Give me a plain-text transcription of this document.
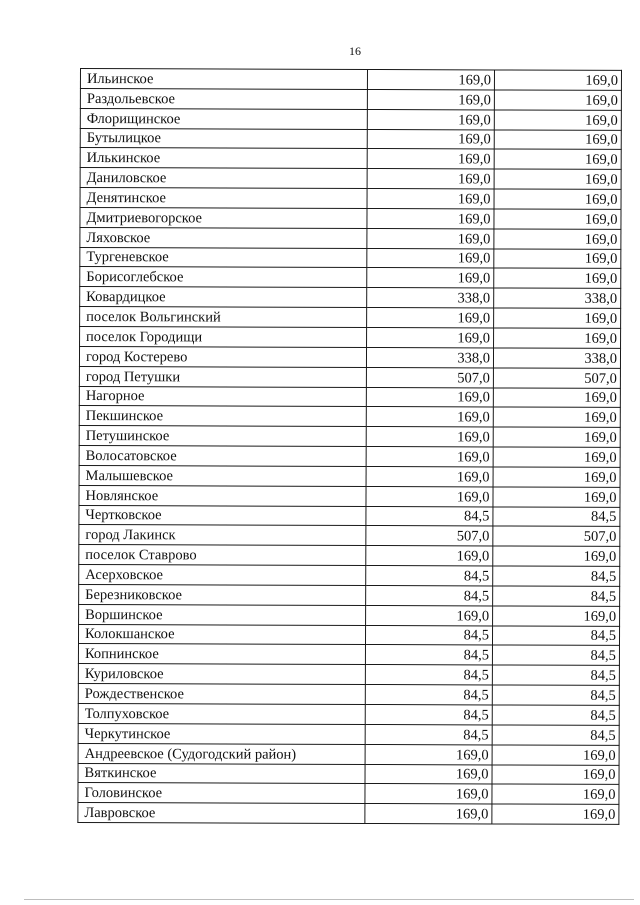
16
Ильинское	169,0	169,0
Раздольевское	169,0	169,0
Флорищинское	169,0	169,0
Бутылицкое	169,0	169,0
Илькинское	169,0	169,0
Даниловское	169,0	169,0
Денятинское	169,0	169,0
Дмитриевогорское	169,0	169,0
Ляховское	169,0	169,0
Тургеневское	169,0	169,0
Борисоглебское	169,0	169,0
Ковардицкое	338,0	338,0
поселок Вольгинский	169,0	169,0
поселок Городищи	169,0	169,0
город Костерево	338,0	338,0
город Петушки	507,0	507,0
Нагорное	169,0	169,0
Пекшинское	169,0	169,0
Петушинское	169,0	169,0
Волосатовское	169,0	169,0
Малышевское	169,0	169,0
Новлянское	169,0	169,0
Чертковское	84,5	84,5
город Лакинск	507,0	507,0
поселок Ставрово	169,0	169,0
Асерховское	84,5	84,5
Березниковское	84,5	84,5
Воршинское	169,0	169,0
Колокшанское	84,5	84,5
Копнинское	84,5	84,5
Куриловское	84,5	84,5
Рождественское	84,5	84,5
Толпуховское	84,5	84,5
Черкутинское	84,5	84,5
Андреевское (Судогодский район)	169,0	169,0
Вяткинское	169,0	169,0
Головинское	169,0	169,0
Лавровское	169,0	169,0
